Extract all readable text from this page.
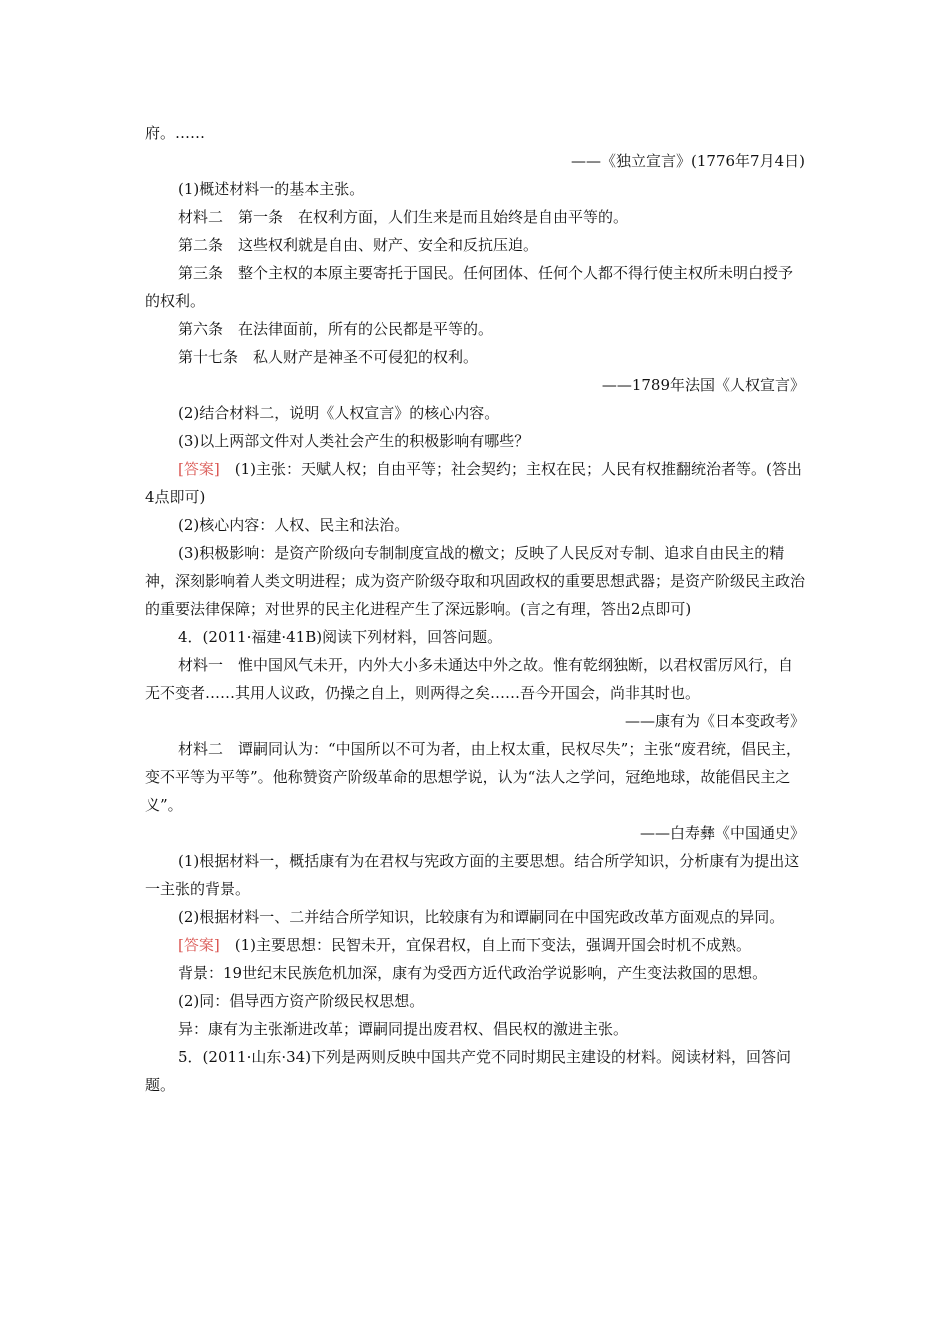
府。……

——《独立宣言》(1776年7月4日)

(1)概述材料一的基本主张。

材料二　第一条　在权利方面，人们生来是而且始终是自由平等的。

第二条　这些权利就是自由、财产、安全和反抗压迫。

第三条　整个主权的本原主要寄托于国民。任何团体、任何个人都不得行使主权所未明白授予的权利。

第六条　在法律面前，所有的公民都是平等的。

第十七条　私人财产是神圣不可侵犯的权利。

——1789年法国《人权宣言》

(2)结合材料二，说明《人权宣言》的核心内容。

(3)以上两部文件对人类社会产生的积极影响有哪些？

[答案]　(1)主张：天赋人权；自由平等；社会契约；主权在民；人民有权推翻统治者等。(答出4点即可)

(2)核心内容：人权、民主和法治。

(3)积极影响：是资产阶级向专制制度宣战的檄文；反映了人民反对专制、追求自由民主的精神，深刻影响着人类文明进程；成为资产阶级夺取和巩固政权的重要思想武器；是资产阶级民主政治的重要法律保障；对世界的民主化进程产生了深远影响。(言之有理，答出2点即可)

4．(2011·福建·41B)阅读下列材料，回答问题。

材料一　惟中国风气未开，内外大小多未通达中外之故。惟有乾纲独断，以君权雷厉风行，自无不变者……其用人议政，仍操之自上，则两得之矣……吾今开国会，尚非其时也。

——康有为《日本变政考》

材料二　谭嗣同认为：“中国所以不可为者，由上权太重，民权尽失”；主张“废君统，倡民主，变不平等为平等”。他称赞资产阶级革命的思想学说，认为“法人之学问，冠绝地球，故能倡民主之义”。

——白寿彝《中国通史》

(1)根据材料一，概括康有为在君权与宪政方面的主要思想。结合所学知识，分析康有为提出这一主张的背景。

(2)根据材料一、二并结合所学知识，比较康有为和谭嗣同在中国宪政改革方面观点的异同。

[答案]　(1)主要思想：民智未开，宜保君权，自上而下变法，强调开国会时机不成熟。

背景：19世纪末民族危机加深，康有为受西方近代政治学说影响，产生变法救国的思想。

(2)同：倡导西方资产阶级民权思想。

异：康有为主张渐进改革；谭嗣同提出废君权、倡民权的激进主张。

5．(2011·山东·34)下列是两则反映中国共产党不同时期民主建设的材料。阅读材料，回答问题。
